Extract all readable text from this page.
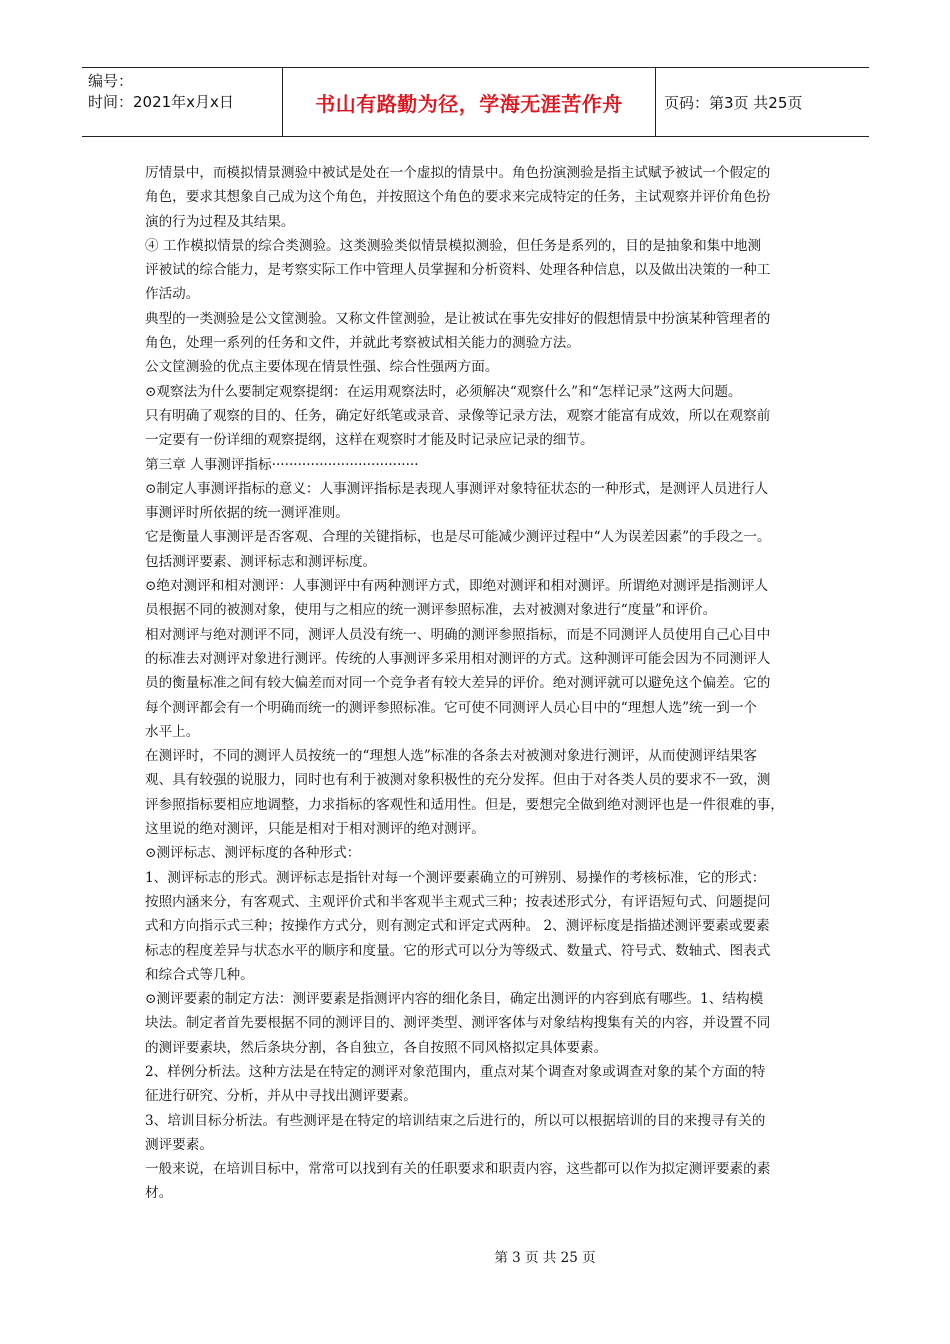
编号：
时间：2021年x月x日	书山有路勤为径，学海无涯苦作舟	页码：第3页 共25页

厉情景中，而模拟情景测验中被试是处在一个虚拟的情景中。角色扮演测验是指主试赋予被试一个假定的

角色，要求其想象自己成为这个角色，并按照这个角色的要求来完成特定的任务，主试观察并评价角色扮

演的行为过程及其结果。

④ 工作模拟情景的综合类测验。这类测验类似情景模拟测验，但任务是系列的，目的是抽象和集中地测

评被试的综合能力，是考察实际工作中管理人员掌握和分析资料、处理各种信息，以及做出决策的一种工

作活动。

典型的一类测验是公文筐测验。又称文件筐测验，是让被试在事先安排好的假想情景中扮演某种管理者的

角色，处理一系列的任务和文件，并就此考察被试相关能力的测验方法。

公文筐测验的优点主要体现在情景性强、综合性强两方面。

⊙观察法为什么要制定观察提纲：在运用观察法时，必须解决“观察什么”和“怎样记录”这两大问题。

只有明确了观察的目的、任务，确定好纸笔或录音、录像等记录方法，观察才能富有成效，所以在观察前

一定要有一份详细的观察提纲，这样在观察时才能及时记录应记录的细节。

第三章 人事测评指标··································

⊙制定人事测评指标的意义：人事测评指标是表现人事测评对象特征状态的一种形式，是测评人员进行人

事测评时所依据的统一测评准则。

它是衡量人事测评是否客观、合理的关键指标，也是尽可能减少测评过程中“人为误差因素”的手段之一。

包括测评要素、测评标志和测评标度。

⊙绝对测评和相对测评：人事测评中有两种测评方式，即绝对测评和相对测评。所谓绝对测评是指测评人

员根据不同的被测对象，使用与之相应的统一测评参照标准，去对被测对象进行“度量”和评价。

相对测评与绝对测评不同，测评人员没有统一、明确的测评参照指标，而是不同测评人员使用自己心目中

的标准去对测评对象进行测评。传统的人事测评多采用相对测评的方式。这种测评可能会因为不同测评人

员的衡量标准之间有较大偏差而对同一个竞争者有较大差异的评价。绝对测评就可以避免这个偏差。它的

每个测评都会有一个明确而统一的测评参照标准。它可使不同测评人员心目中的“理想人选”统一到一个

水平上。

在测评时，不同的测评人员按统一的“理想人选”标准的各条去对被测对象进行测评，从而使测评结果客

观、具有较强的说服力，同时也有利于被测对象积极性的充分发挥。但由于对各类人员的要求不一致，测

评参照指标要相应地调整，力求指标的客观性和适用性。但是，要想完全做到绝对测评也是一件很难的事，

这里说的绝对测评，只能是相对于相对测评的绝对测评。

⊙测评标志、测评标度的各种形式：

1、测评标志的形式。测评标志是指针对每一个测评要素确立的可辨别、易操作的考核标准，它的形式：

按照内涵来分，有客观式、主观评价式和半客观半主观式三种；按表述形式分，有评语短句式、问题提问

式和方向指示式三种；按操作方式分，则有测定式和评定式两种。 2、测评标度是指描述测评要素或要素

标志的程度差异与状态水平的顺序和度量。它的形式可以分为等级式、数量式、符号式、数轴式、图表式

和综合式等几种。

⊙测评要素的制定方法：测评要素是指测评内容的细化条目，确定出测评的内容到底有哪些。1、结构模

块法。制定者首先要根据不同的测评目的、测评类型、测评客体与对象结构搜集有关的内容，并设置不同

的测评要素块，然后条块分割，各自独立，各自按照不同风格拟定具体要素。

2、样例分析法。这种方法是在特定的测评对象范围内，重点对某个调查对象或调查对象的某个方面的特

征进行研究、分析，并从中寻找出测评要素。

3、培训目标分析法。有些测评是在特定的培训结束之后进行的，所以可以根据培训的目的来搜寻有关的

测评要素。

一般来说，在培训目标中，常常可以找到有关的任职要求和职责内容，这些都可以作为拟定测评要素的素

材。

第 3 页 共 25 页
